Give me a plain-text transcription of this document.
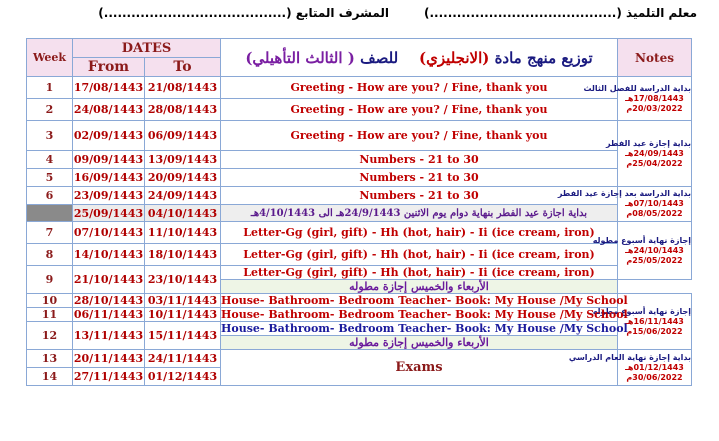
معلم التلميذ (.........................................)
المشرف المتابع (........................................)
Week	DATES		توزيع منهج مادة (الانجليزي)    للصف ( الثالث التأهيلي)	Notes
	From	To		
1	17/08/1443	21/08/1443	Greeting - How are you? / Fine, thank you	بداية الدراسة للفصل الثالث
17/08/1443هـ
20/03/2022م

2	24/08/1443	28/08/1443	Greeting - How are you? / Fine, thank you	
3	02/09/1443	06/09/1443	Greeting - How are you? / Fine, thank you	بداية إجازة عيد الفطر
24/09/1443هـ
25/04/2022م

4	09/09/1443	13/09/1443	Numbers - 21 to 30	
5	16/09/1443	20/09/1443	Numbers - 21 to 30	
6	23/09/1443	24/09/1443	Numbers - 21 to 30	بداية الدراسة بعد إجازة عيد الفطر
07/10/1443هـ
08/05/2022م

	25/09/1443	04/10/1443	بداية اجازة عيد الفطر بنهاية دوام يوم الاثنين 24/9/1443هـ الى 4/10/1443هـ	
7	07/10/1443	11/10/1443	Letter-Gg (girl, gift) - Hh (hot, hair) - Ii (ice cream, iron)	إجازة نهاية أسبوع مطوله
24/10/1443هـ
25/05/2022م

8	14/10/1443	18/10/1443	Letter-Gg (girl, gift) - Hh (hot, hair) - Ii (ice cream, iron)	
9	21/10/1443	23/10/1443	Letter-Gg (girl, gift) - Hh (hot, hair) - Ii (ice cream, iron)	
			الأربعاء والخميس إجازة مطوله	
10	28/10/1443	03/11/1443	House- Bathroom- Bedroom Teacher- Book: My House /My School	إجازة نهاية أسبوع مطوله
16/11/1443هـ
15/06/2022م

11	06/11/1443	10/11/1443	House- Bathroom- Bedroom Teacher- Book: My House /My School	
12	13/11/1443	15/11/1443	House- Bathroom- Bedroom Teacher- Book: My House /My School	
			الأربعاء والخميس إجازة مطوله	
13	20/11/1443	24/11/1443	Exams	بداية إجازة نهاية العام الدراسي
01/12/1443هـ
30/06/2022م

14	27/11/1443	01/12/1443		
